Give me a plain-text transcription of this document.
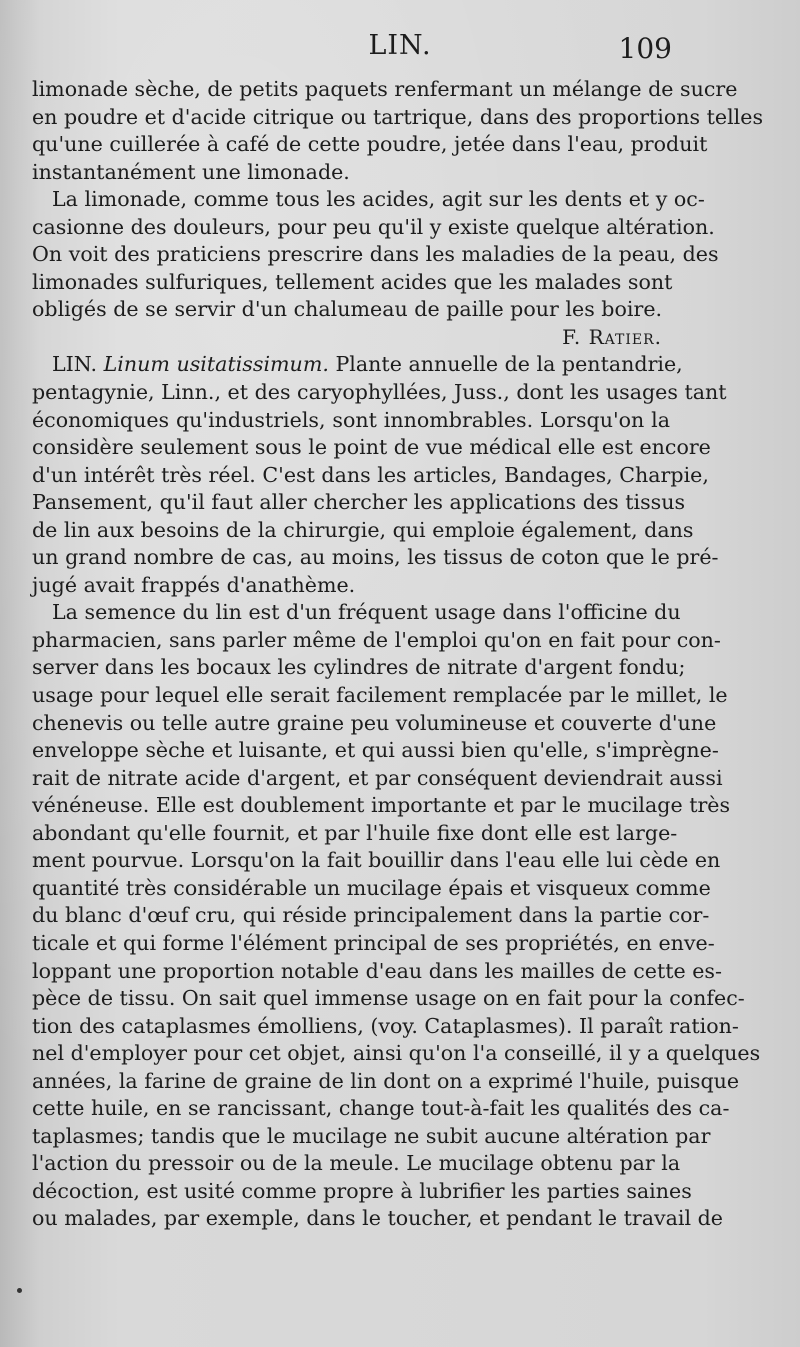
LIN.	109
limonade sèche, de petits paquets renfermant un mélange de sucre
en poudre et d'acide citrique ou tartrique, dans des proportions telles
qu'une cuillerée à café de cette poudre, jetée dans l'eau, produit
instantanément une limonade.
La limonade, comme tous les acides, agit sur les dents et y oc-
casionne des douleurs, pour peu qu'il y existe quelque altération.
On voit des praticiens prescrire dans les maladies de la peau, des
limonades sulfuriques, tellement acides que les malades sont
obligés de se servir d'un chalumeau de paille pour les boire.
F. Ratier.
LIN. Linum usitatissimum. Plante annuelle de la pentandrie,
pentagynie, Linn., et des caryophyllées, Juss., dont les usages tant
économiques qu'industriels, sont innombrables. Lorsqu'on la
considère seulement sous le point de vue médical elle est encore
d'un intérêt très réel. C'est dans les articles, Bandages, Charpie,
Pansement, qu'il faut aller chercher les applications des tissus
de lin aux besoins de la chirurgie, qui emploie également, dans
un grand nombre de cas, au moins, les tissus de coton que le pré-
jugé avait frappés d'anathème.
La semence du lin est d'un fréquent usage dans l'officine du
pharmacien, sans parler même de l'emploi qu'on en fait pour con-
server dans les bocaux les cylindres de nitrate d'argent fondu;
usage pour lequel elle serait facilement remplacée par le millet, le
chenevis ou telle autre graine peu volumineuse et couverte d'une
enveloppe sèche et luisante, et qui aussi bien qu'elle, s'imprègne-
rait de nitrate acide d'argent, et par conséquent deviendrait aussi
vénéneuse. Elle est doublement importante et par le mucilage très
abondant qu'elle fournit, et par l'huile fixe dont elle est large-
ment pourvue. Lorsqu'on la fait bouillir dans l'eau elle lui cède en
quantité très considérable un mucilage épais et visqueux comme
du blanc d'œuf cru, qui réside principalement dans la partie cor-
ticale et qui forme l'élément principal de ses propriétés, en enve-
loppant une proportion notable d'eau dans les mailles de cette es-
pèce de tissu. On sait quel immense usage on en fait pour la confec-
tion des cataplasmes émolliens, (voy. Cataplasmes). Il paraît ration-
nel d'employer pour cet objet, ainsi qu'on l'a conseillé, il y a quelques
années, la farine de graine de lin dont on a exprimé l'huile, puisque
cette huile, en se rancissant, change tout-à-fait les qualités des ca-
taplasmes; tandis que le mucilage ne subit aucune altération par
l'action du pressoir ou de la meule. Le mucilage obtenu par la
décoction, est usité comme propre à lubrifier les parties saines
ou malades, par exemple, dans le toucher, et pendant le travail de
